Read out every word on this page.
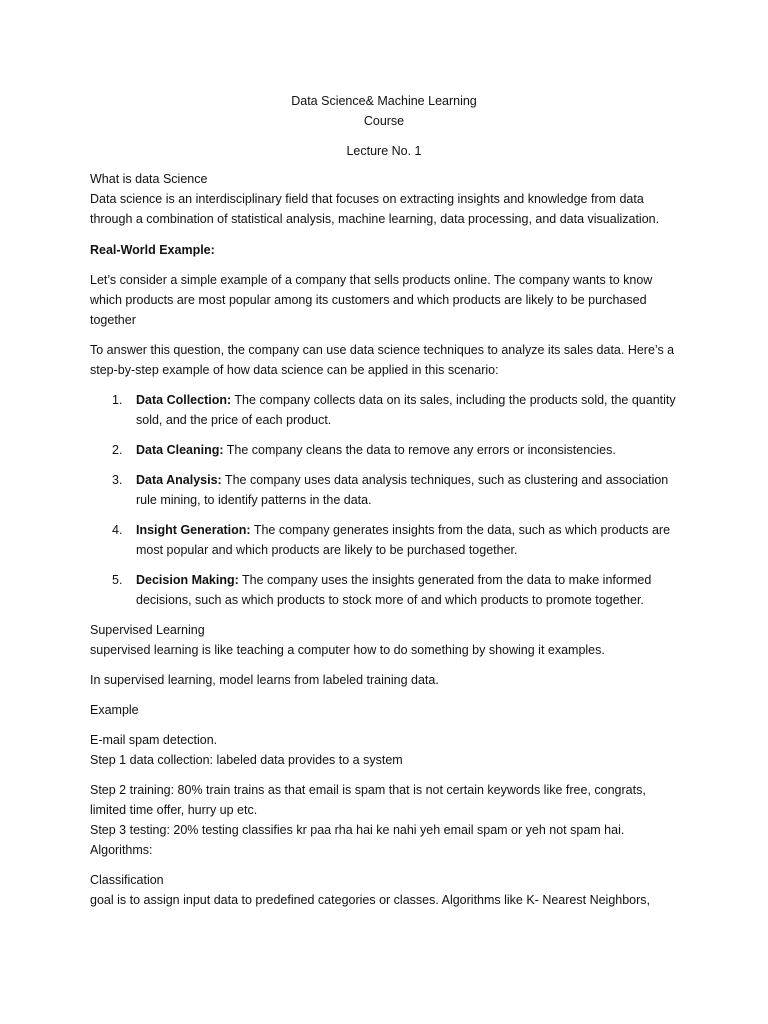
Data Science& Machine Learning

Course

Lecture No. 1

What is data Science

Data science is an interdisciplinary field that focuses on extracting insights and knowledge from data

through a combination of statistical analysis, machine learning, data processing, and data visualization.

Real-World Example:

Let’s consider a simple example of a company that sells products online. The company wants to know

which products are most popular among its customers and which products are likely to be purchased

together

To answer this question, the company can use data science techniques to analyze its sales data. Here’s a

step-by-step example of how data science can be applied in this scenario:

1. Data Collection: The company collects data on its sales, including the products sold, the quantity

sold, and the price of each product.

2. Data Cleaning: The company cleans the data to remove any errors or inconsistencies.

3. Data Analysis: The company uses data analysis techniques, such as clustering and association

rule mining, to identify patterns in the data.

4. Insight Generation: The company generates insights from the data, such as which products are

most popular and which products are likely to be purchased together.

5. Decision Making: The company uses the insights generated from the data to make informed

decisions, such as which products to stock more of and which products to promote together.

Supervised Learning

supervised learning is like teaching a computer how to do something by showing it examples.

In supervised learning, model learns from labeled training data.

Example

E-mail spam detection.

Step 1 data collection: labeled data provides to a system

Step 2 training: 80% train trains as that email is spam that is not certain keywords like free, congrats,

limited time offer, hurry up etc.

Step 3 testing: 20% testing classifies kr paa rha hai ke nahi yeh email spam or yeh not spam hai.

Algorithms:

Classification

goal is to assign input data to predefined categories or classes. Algorithms like K- Nearest Neighbors,
